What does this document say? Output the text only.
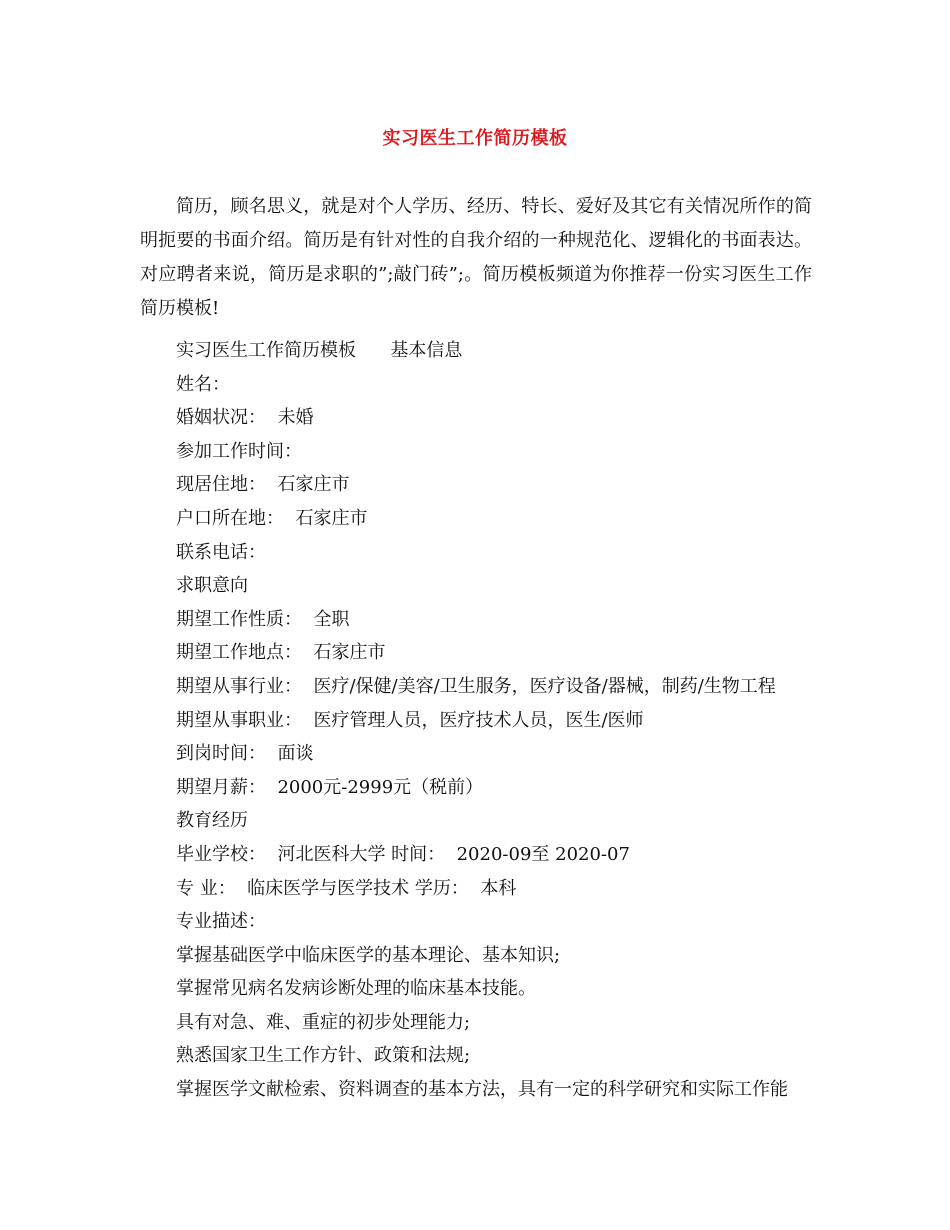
实习医生工作简历模板

简历，顾名思义，就是对个人学历、经历、特长、爱好及其它有关情况所作的简明扼要的书面介绍。简历是有针对性的自我介绍的一种规范化、逻辑化的书面表达。对应聘者来说，简历是求职的”;敲门砖”;。简历模板频道为你推荐一份实习医生工作简历模板!

实习医生工作简历模板      基本信息
姓名：
婚姻状况：  未婚
参加工作时间：
现居住地：  石家庄市
户口所在地：  石家庄市
联系电话：
求职意向
期望工作性质：  全职
期望工作地点：  石家庄市
期望从事行业：  医疗/保健/美容/卫生服务，医疗设备/器械，制药/生物工程
期望从事职业：  医疗管理人员，医疗技术人员，医生/医师
到岗时间：  面谈
期望月薪：  2000元-2999元（税前）
教育经历
毕业学校：  河北医科大学 时间：  2020-09至 2020-07
专 业：  临床医学与医学技术 学历：  本科
专业描述：
掌握基础医学中临床医学的基本理论、基本知识;
掌握常见病名发病诊断处理的临床基本技能。
具有对急、难、重症的初步处理能力;
熟悉国家卫生工作方针、政策和法规;
掌握医学文献检索、资料调查的基本方法，具有一定的科学研究和实际工作能
